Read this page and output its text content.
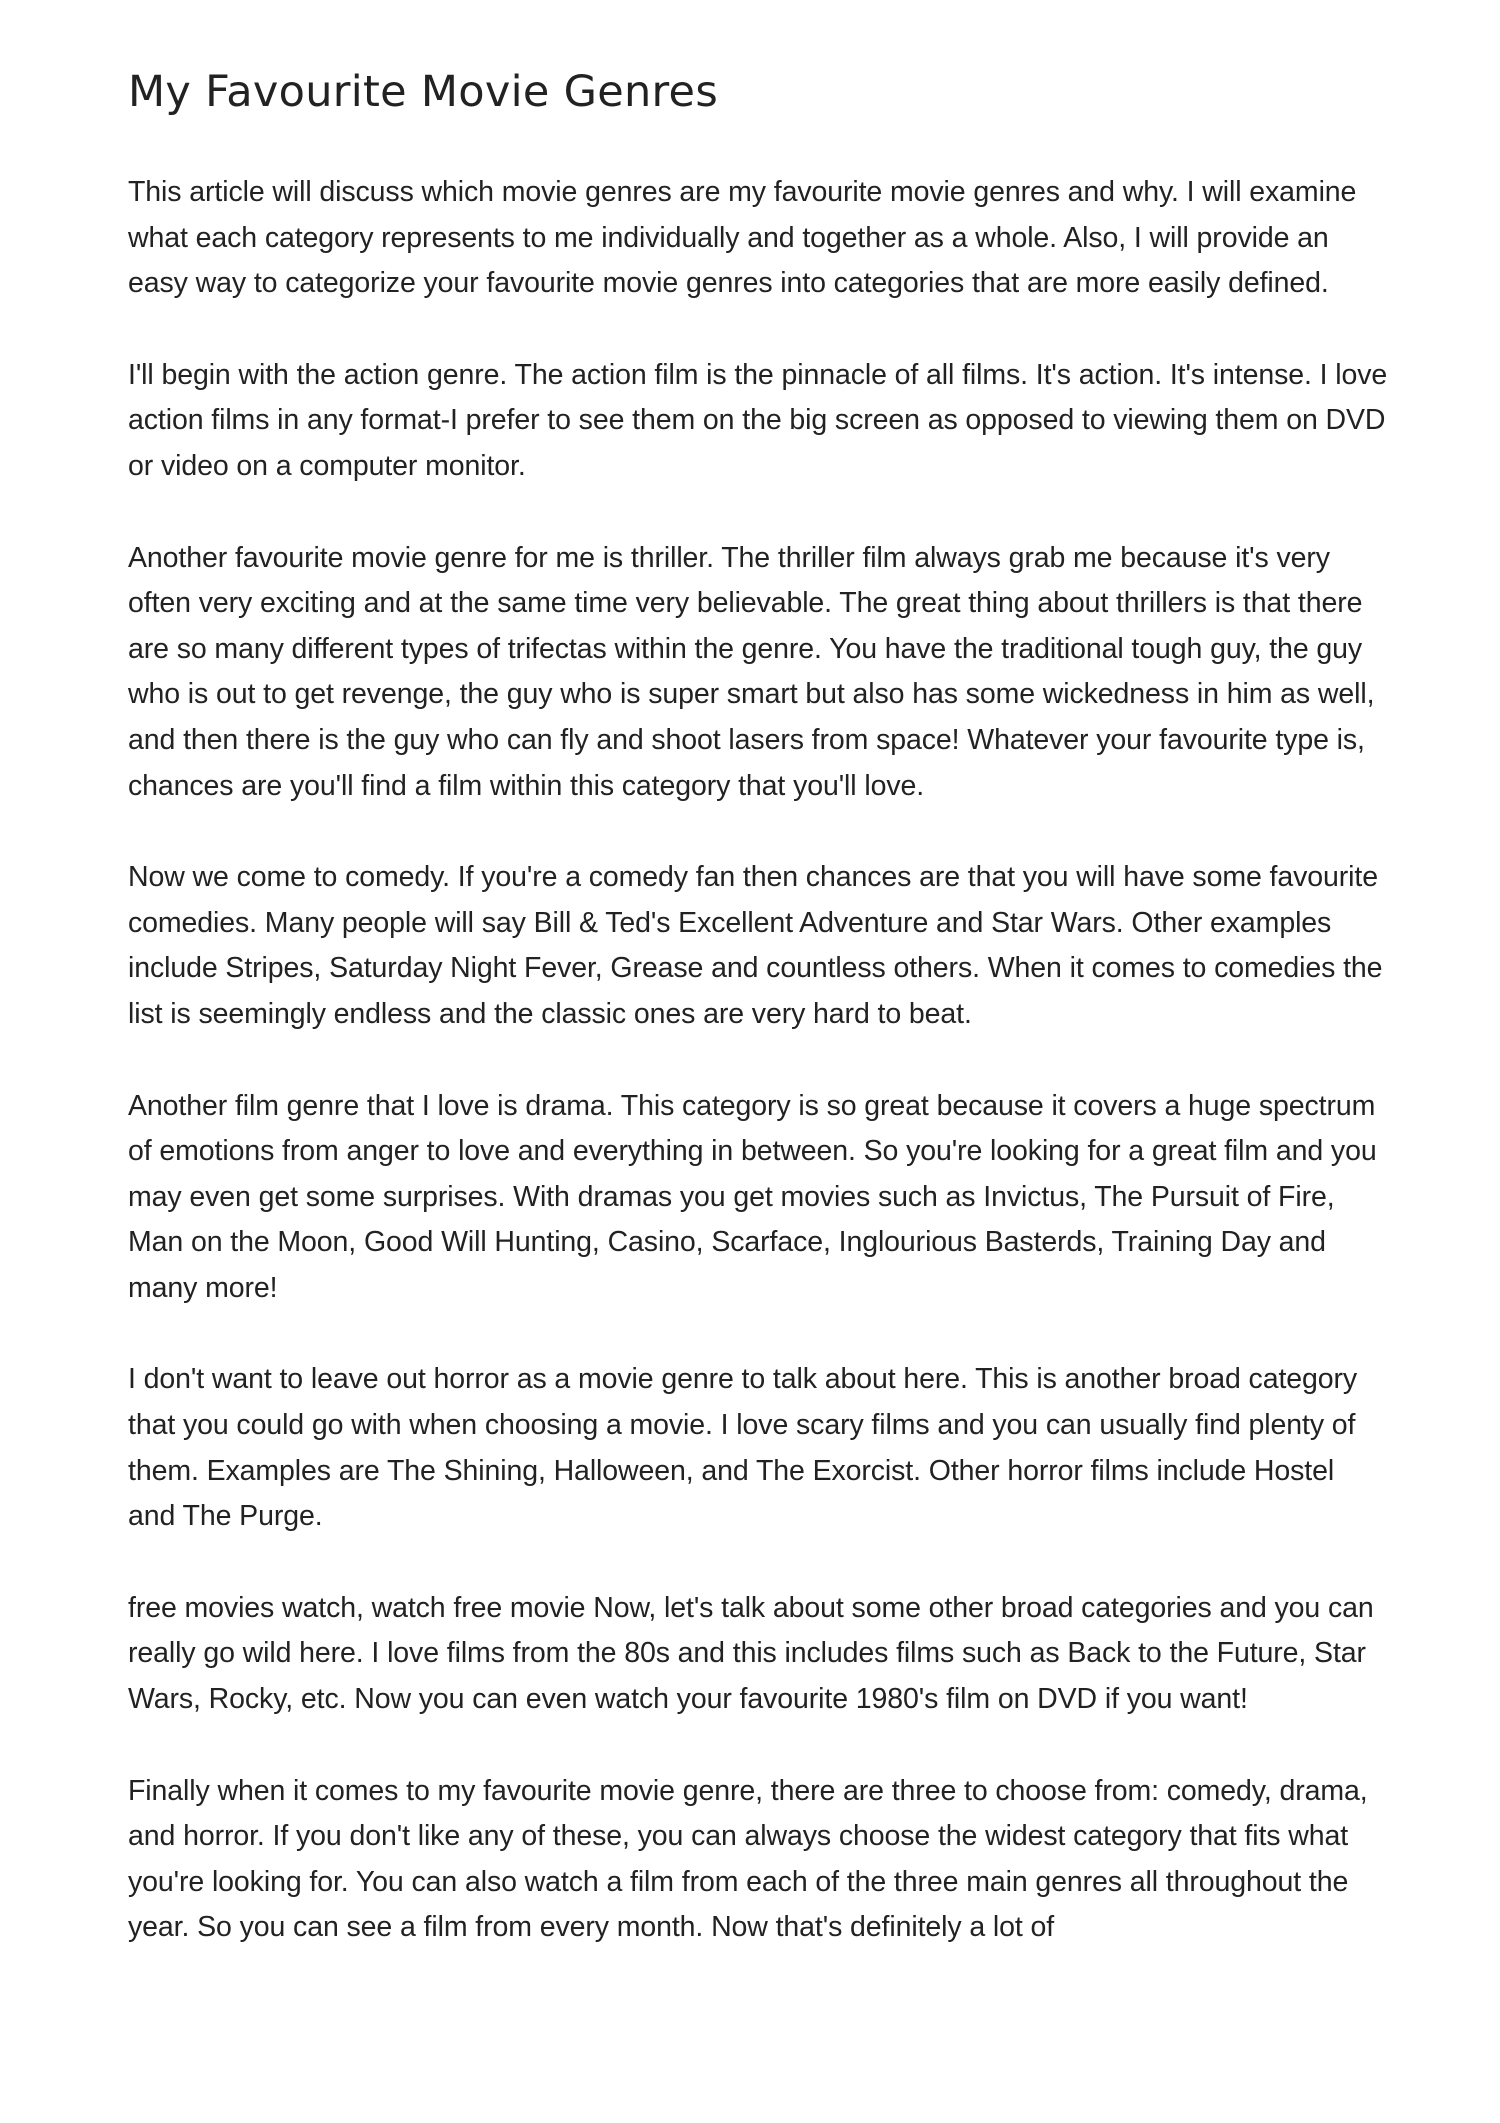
My Favourite Movie Genres

This article will discuss which movie genres are my favourite movie genres and why. I will examine what each category represents to me individually and together as a whole. Also, I will provide an easy way to categorize your favourite movie genres into categories that are more easily defined.

I'll begin with the action genre. The action film is the pinnacle of all films. It's action. It's intense. I love action films in any format-I prefer to see them on the big screen as opposed to viewing them on DVD or video on a computer monitor.

Another favourite movie genre for me is thriller. The thriller film always grab me because it's very often very exciting and at the same time very believable. The great thing about thrillers is that there are so many different types of trifectas within the genre. You have the traditional tough guy, the guy who is out to get revenge, the guy who is super smart but also has some wickedness in him as well, and then there is the guy who can fly and shoot lasers from space! Whatever your favourite type is, chances are you'll find a film within this category that you'll love.

Now we come to comedy. If you're a comedy fan then chances are that you will have some favourite comedies. Many people will say Bill & Ted's Excellent Adventure and Star Wars. Other examples include Stripes, Saturday Night Fever, Grease and countless others. When it comes to comedies the list is seemingly endless and the classic ones are very hard to beat.

Another film genre that I love is drama. This category is so great because it covers a huge spectrum of emotions from anger to love and everything in between. So you're looking for a great film and you may even get some surprises. With dramas you get movies such as Invictus, The Pursuit of Fire, Man on the Moon, Good Will Hunting, Casino, Scarface, Inglourious Basterds, Training Day and many more!

I don't want to leave out horror as a movie genre to talk about here. This is another broad category that you could go with when choosing a movie. I love scary films and you can usually find plenty of them. Examples are The Shining, Halloween, and The Exorcist. Other horror films include Hostel and The Purge.

free movies watch, watch free movie Now, let's talk about some other broad categories and you can really go wild here. I love films from the 80s and this includes films such as Back to the Future, Star Wars, Rocky, etc. Now you can even watch your favourite 1980's film on DVD if you want!

Finally when it comes to my favourite movie genre, there are three to choose from: comedy, drama, and horror. If you don't like any of these, you can always choose the widest category that fits what you're looking for. You can also watch a film from each of the three main genres all throughout the year. So you can see a film from every month. Now that's definitely a lot of
